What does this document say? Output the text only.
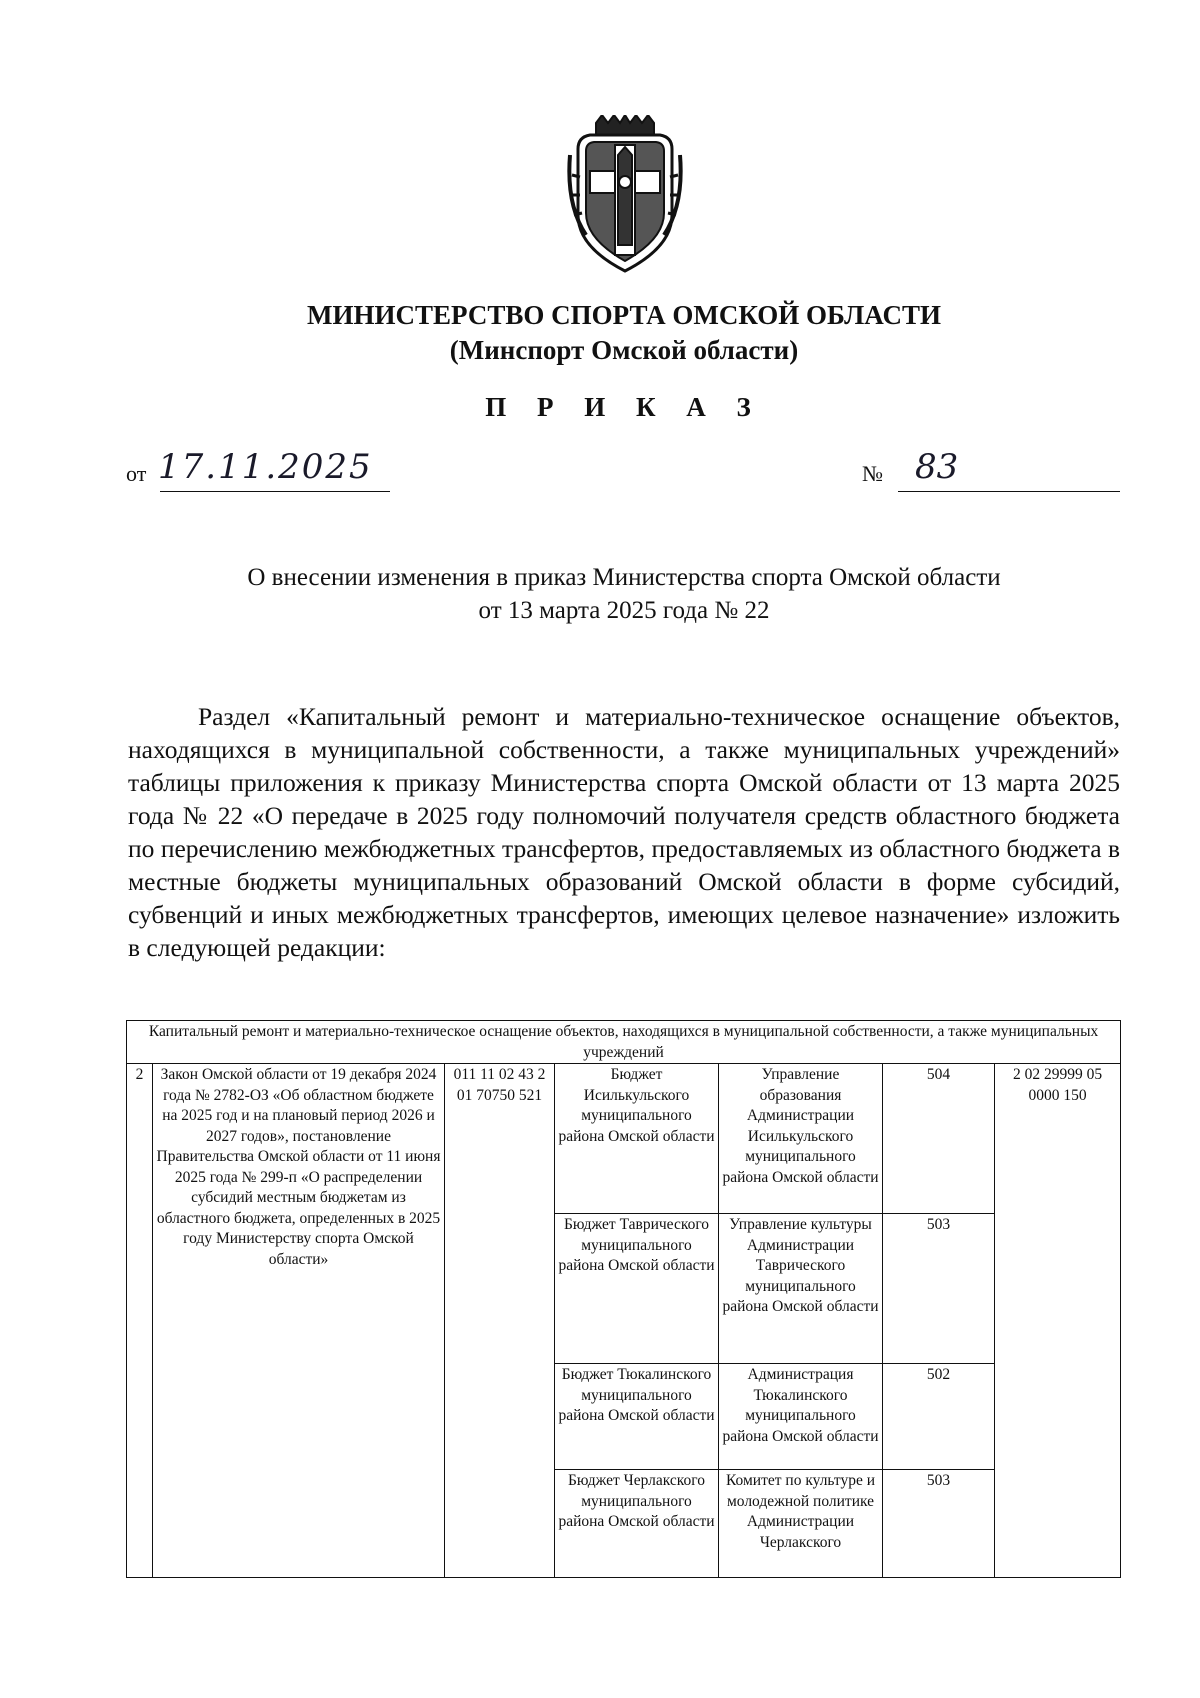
МИНИСТЕРСТВО СПОРТА ОМСКОЙ ОБЛАСТИ
(Минспорт Омской области)
П Р И К А З
от 17.11.2025	№ 83
О внесении изменения в приказ Министерства спорта Омской области
от 13 марта 2025 года № 22
Раздел «Капитальный ремонт и материально-техническое оснащение объектов, находящихся в муниципальной собственности, а также муниципальных учреждений» таблицы приложения к приказу Министерства спорта Омской области от 13 марта 2025 года № 22 «О передаче в 2025 году полномочий получателя средств областного бюджета по перечислению межбюджетных трансфертов, предоставляемых из областного бюджета в местные бюджеты муниципальных образований Омской области в форме субсидий, субвенций и иных межбюджетных трансфертов, имеющих целевое назначение» изложить в следующей редакции:
Капитальный ремонт и материально-техническое оснащение объектов, находящихся в муниципальной собственности, а также муниципальных учреждений						
2	Закон Омской области от 19 декабря 2024 года № 2782-ОЗ «Об областном бюджете на 2025 год и на плановый период 2026 и 2027 годов», постановление Правительства Омской области от 11 июня 2025 года № 299-п «О распределении субсидий местным бюджетам из областного бюджета, определенных в 2025 году Министерству спорта Омской области»	011 11 02 43 2 01 70750 521	Бюджет Исилькульского муниципального района Омской области	Управление образования Администрации Исилькульского муниципального района Омской области	504	2 02 29999 05 0000 150
			Бюджет Таврического муниципального района Омской области	Управление культуры Администрации Таврического муниципального района Омской области	503	
			Бюджет Тюкалинского муниципального района Омской области	Администрация Тюкалинского муниципального района Омской области	502	
			Бюджет Черлакского муниципального района Омской области	Комитет по культуре и молодежной политике Администрации Черлакского	503	
